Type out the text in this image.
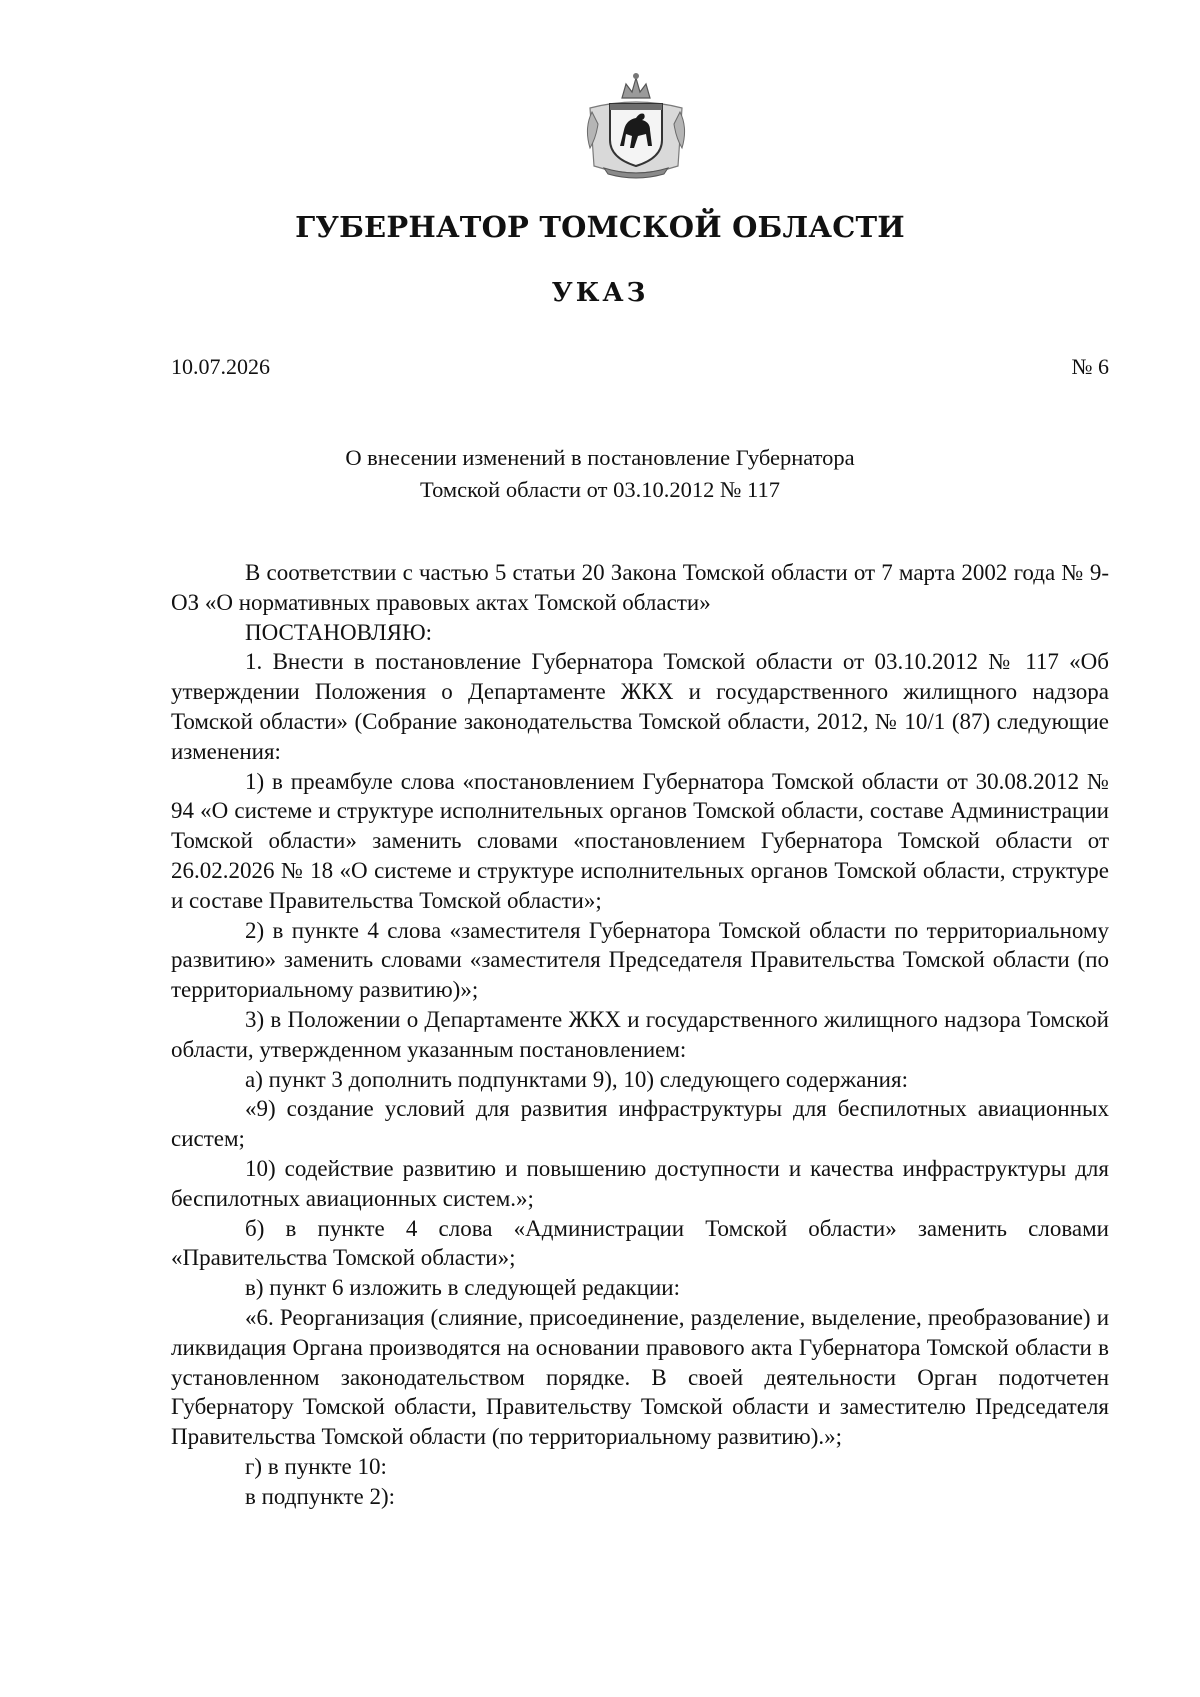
ГУБЕРНАТОР ТОМСКОЙ ОБЛАСТИ
УКАЗ
10.07.2026	№ 6
О внесении изменений в постановление Губернатора
Томской области от 03.10.2012 № 117

В соответствии с частью 5 статьи 20 Закона Томской области от 7 марта 2002 года № 9-ОЗ «О нормативных правовых актах Томской области»

ПОСТАНОВЛЯЮ:

1. Внести в постановление Губернатора Томской области от 03.10.2012 № 117 «Об утверждении Положения о Департаменте ЖКХ и государственного жилищного надзора Томской области» (Собрание законодательства Томской области, 2012, № 10/1 (87) следующие изменения:

1) в преамбуле слова «постановлением Губернатора Томской области от 30.08.2012 № 94 «О системе и структуре исполнительных органов Томской области, составе Администрации Томской области» заменить словами «постановлением Губернатора Томской области от 26.02.2026 № 18 «О системе и структуре исполнительных органов Томской области, структуре и составе Правительства Томской области»;

2) в пункте 4 слова «заместителя Губернатора Томской области по территориальному развитию» заменить словами «заместителя Председателя Правительства Томской области (по территориальному развитию)»;

3) в Положении о Департаменте ЖКХ и государственного жилищного надзора Томской области, утвержденном указанным постановлением:

а) пункт 3 дополнить подпунктами 9), 10) следующего содержания:

«9) создание условий для развития инфраструктуры для беспилотных авиационных систем;

10) содействие развитию и повышению доступности и качества инфраструктуры для беспилотных авиационных систем.»;

б) в пункте 4 слова «Администрации Томской области» заменить словами «Правительства Томской области»;

в) пункт 6 изложить в следующей редакции:

«6. Реорганизация (слияние, присоединение, разделение, выделение, преобразование) и ликвидация Органа производятся на основании правового акта Губернатора Томской области в установленном законодательством порядке. В своей деятельности Орган подотчетен Губернатору Томской области, Правительству Томской области и заместителю Председателя Правительства Томской области (по территориальному развитию).»;

г) в пункте 10:

в подпункте 2):
